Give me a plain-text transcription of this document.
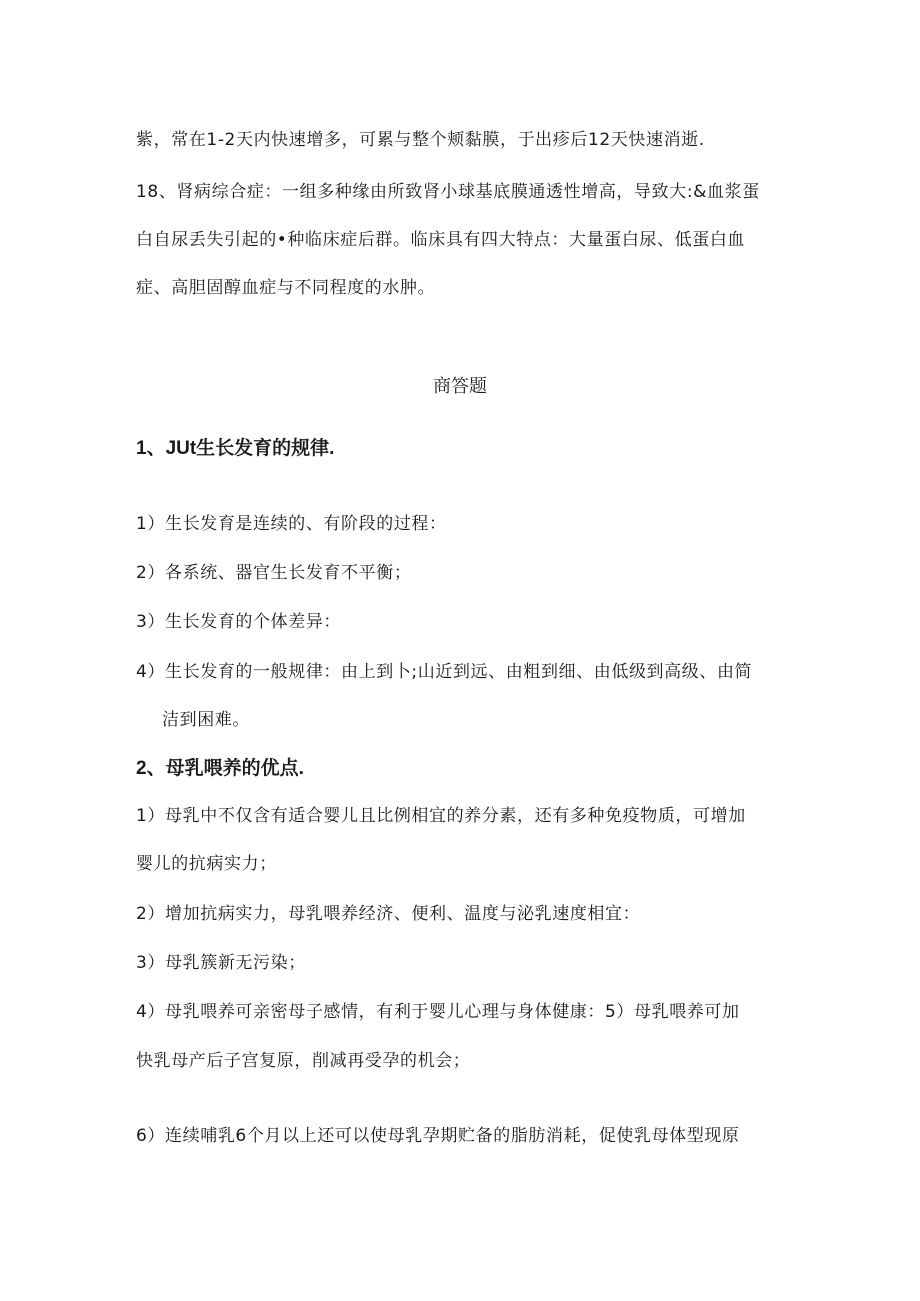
紫，常在1-2天内快速增多，可累与整个颊黏膜，于出疹后12天快速消逝.
18、肾病综合症：一组多种缘由所致肾小球基底膜通透性增高，导致大:&血浆蛋
白自尿丢失引起的•种临床症后群。临床具有四大特点：大量蛋白尿、低蛋白血
症、高胆固醇血症与不同程度的水肿。
商答题
1、JUt生长发育的规律.
1）生长发育是连续的、有阶段的过程：
2）各系统、器官生长发育不平衡；
3）生长发育的个体差异：
4）生长发育的一般规律：由上到卜;山近到远、由粗到细、由低级到高级、由简
洁到困难。
2、母乳喂养的优点.
1）母乳中不仅含有适合婴儿且比例相宜的养分素，还有多种免疫物质，可增加
婴儿的抗病实力；
2）增加抗病实力，母乳喂养经济、便利、温度与泌乳速度相宜：
3）母乳簇新无污染；
4）母乳喂养可亲密母子感情，有利于婴儿心理与身体健康：5）母乳喂养可加
快乳母产后子宫复原，削减再受孕的机会；
6）连续哺乳6个月以上还可以使母乳孕期贮备的脂肪消耗，促使乳母体型现原
